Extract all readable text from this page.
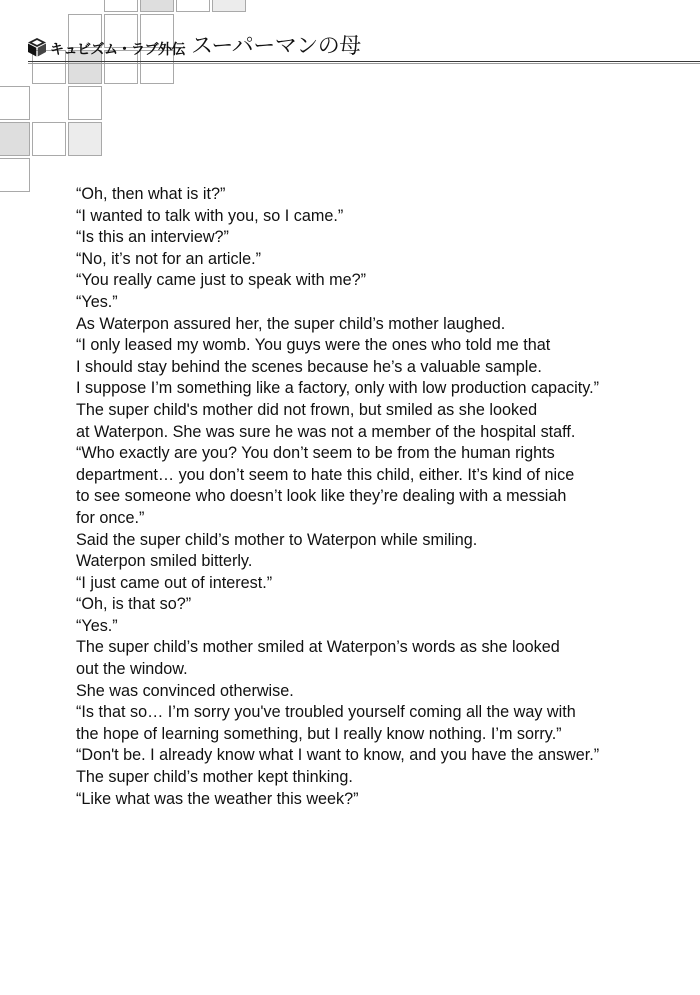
キュビズム・ラブ外伝 スーパーマンの母
“Oh, then what is it?”
“I wanted to talk with you, so I came.”
“Is this an interview?”
“No, it’s not for an article.”
“You really came just to speak with me?”
“Yes.”
As Waterpon assured her, the super child’s mother laughed.
“I only leased my womb. You guys were the ones who told me that
I should stay behind the scenes because he’s a valuable sample.
I suppose I’m something like a factory, only with low production capacity.”
The super child's mother did not frown, but smiled as she looked
at Waterpon. She was sure he was not a member of the hospital staff.
“Who exactly are you? You don’t seem to be from the human rights
department… you don’t seem to hate this child, either. It’s kind of nice
to see someone who doesn’t look like they’re dealing with a messiah
for once.”
Said the super child’s mother to Waterpon while smiling.
Waterpon smiled bitterly.
“I just came out of interest.”
“Oh, is that so?”
“Yes.”
The super child’s mother smiled at Waterpon’s words as she looked
out the window.
She was convinced otherwise.
“Is that so… I’m sorry you've troubled yourself coming all the way with
the hope of learning something, but I really know nothing. I’m sorry.”
“Don't be. I already know what I want to know, and you have the answer.”
The super child’s mother kept thinking.
“Like what was the weather this week?”
